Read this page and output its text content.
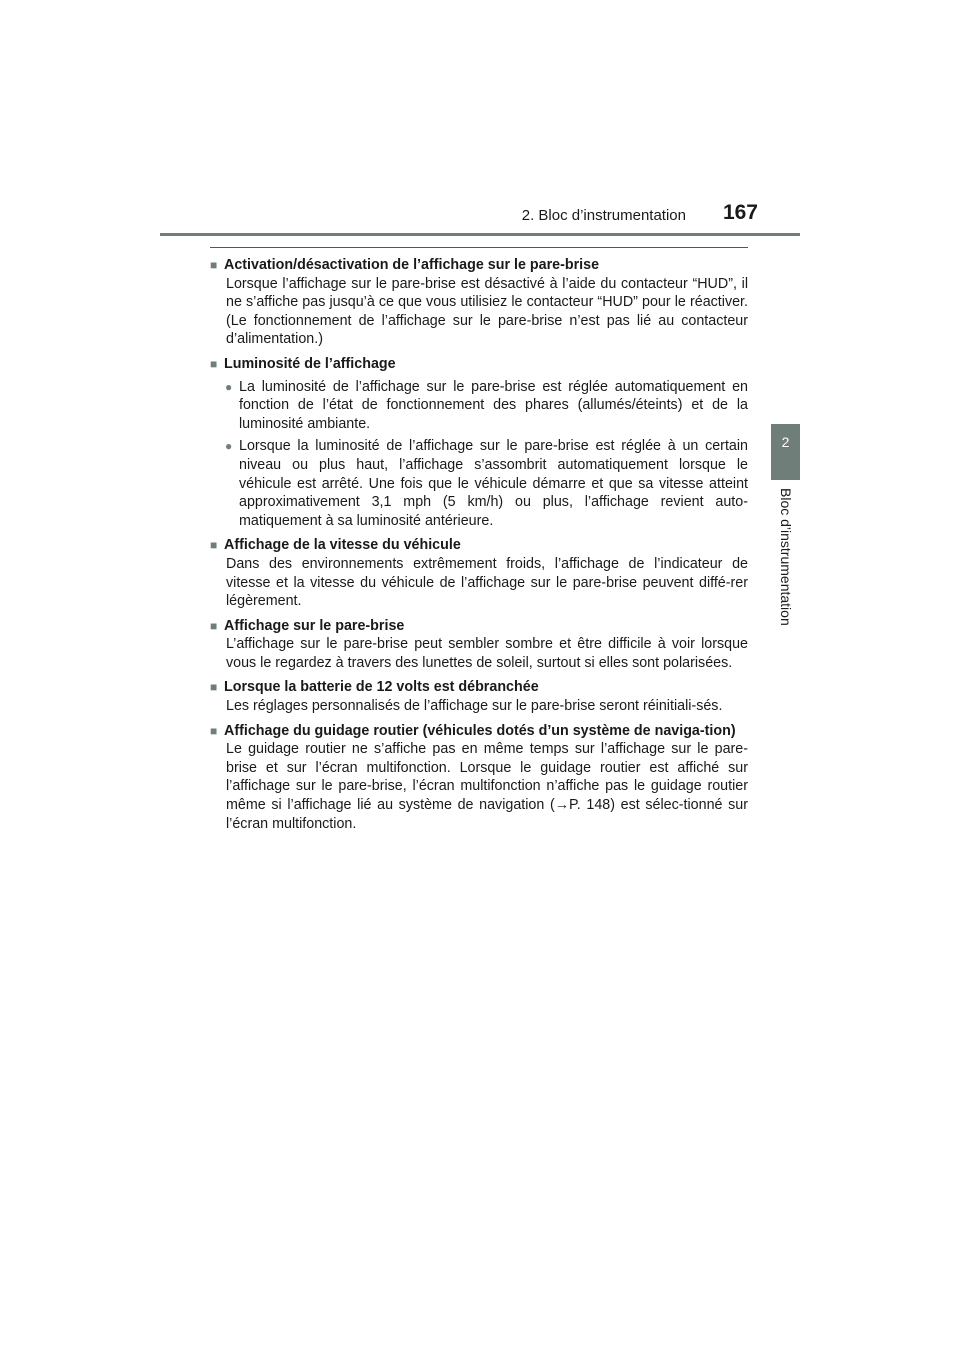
2. Bloc d’instrumentation	167
2
Bloc d’instrumentation
■ Activation/désactivation de l’affichage sur le pare-brise
Lorsque l’affichage sur le pare-brise est désactivé à l’aide du contacteur “HUD”, il ne s’affiche pas jusqu’à ce que vous utilisiez le contacteur “HUD” pour le réactiver. (Le fonctionnement de l’affichage sur le pare-brise n’est pas lié au contacteur d’alimentation.)
■ Luminosité de l’affichage
● La luminosité de l’affichage sur le pare-brise est réglée automatiquement en fonction de l’état de fonctionnement des phares (allumés/éteints) et de la luminosité ambiante.
● Lorsque la luminosité de l’affichage sur le pare-brise est réglée à un certain niveau ou plus haut, l’affichage s’assombrit automatiquement lorsque le véhicule est arrêté. Une fois que le véhicule démarre et que sa vitesse atteint approximativement 3,1 mph (5 km/h) ou plus, l’affichage revient auto-matiquement à sa luminosité antérieure.
■ Affichage de la vitesse du véhicule
Dans des environnements extrêmement froids, l’affichage de l’indicateur de vitesse et la vitesse du véhicule de l’affichage sur le pare-brise peuvent diffé-rer légèrement.
■ Affichage sur le pare-brise
L’affichage sur le pare-brise peut sembler sombre et être difficile à voir lorsque vous le regardez à travers des lunettes de soleil, surtout si elles sont polarisées.
■ Lorsque la batterie de 12 volts est débranchée
Les réglages personnalisés de l’affichage sur le pare-brise seront réinitiali-sés.
■ Affichage du guidage routier (véhicules dotés d’un système de naviga-tion)
Le guidage routier ne s’affiche pas en même temps sur l’affichage sur le pare-brise et sur l’écran multifonction. Lorsque le guidage routier est affiché sur l’affichage sur le pare-brise, l’écran multifonction n’affiche pas le guidage routier même si l’affichage lié au système de navigation (→P. 148) est sélec-tionné sur l’écran multifonction.
